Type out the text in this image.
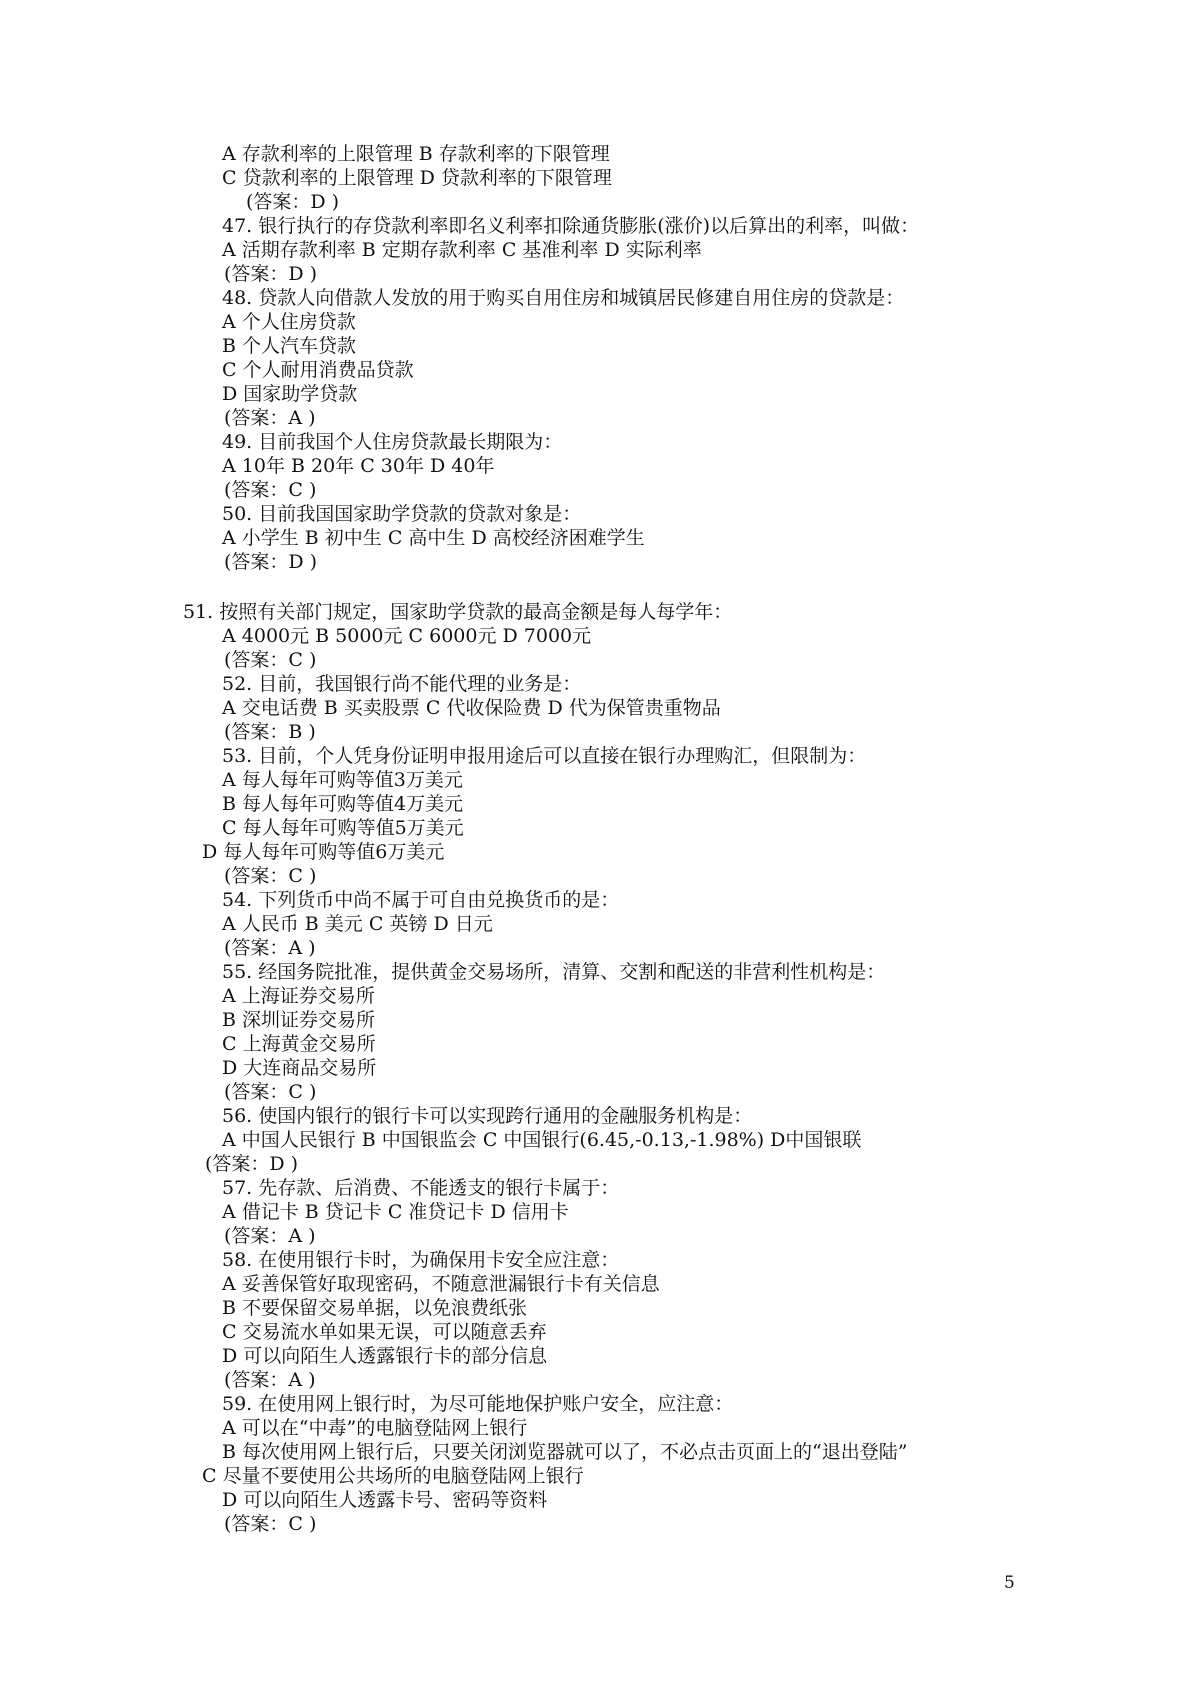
A 存款利率的上限管理 B 存款利率的下限管理
C 贷款利率的上限管理 D 贷款利率的下限管理
(答案：D )
47. 银行执行的存贷款利率即名义利率扣除通货膨胀(涨价)以后算出的利率，叫做：
A 活期存款利率 B 定期存款利率 C 基准利率 D 实际利率
(答案：D )
48. 贷款人向借款人发放的用于购买自用住房和城镇居民修建自用住房的贷款是：
A 个人住房贷款
B 个人汽车贷款
C 个人耐用消费品贷款
D 国家助学贷款
(答案：A )
49. 目前我国个人住房贷款最长期限为：
A 10年 B 20年 C 30年 D 40年
(答案：C )
50. 目前我国国家助学贷款的贷款对象是：
A 小学生 B 初中生 C 高中生 D 高校经济困难学生
(答案：D )
51. 按照有关部门规定，国家助学贷款的最高金额是每人每学年：
A 4000元 B 5000元 C 6000元 D 7000元
(答案：C )
52. 目前，我国银行尚不能代理的业务是：
A 交电话费 B 买卖股票 C 代收保险费 D 代为保管贵重物品
(答案：B )
53. 目前，个人凭身份证明申报用途后可以直接在银行办理购汇，但限制为：
A 每人每年可购等值3万美元
B 每人每年可购等值4万美元
C 每人每年可购等值5万美元
D 每人每年可购等值6万美元
(答案：C )
54. 下列货币中尚不属于可自由兑换货币的是：
A 人民币 B 美元 C 英镑 D 日元
(答案：A )
55. 经国务院批准，提供黄金交易场所，清算、交割和配送的非营利性机构是：
A 上海证券交易所
B 深圳证券交易所
C 上海黄金交易所
D 大连商品交易所
(答案：C )
56. 使国内银行的银行卡可以实现跨行通用的金融服务机构是：
A 中国人民银行 B 中国银监会 C 中国银行(6.45,-0.13,-1.98%) D中国银联
(答案：D )
57. 先存款、后消费、不能透支的银行卡属于：
A 借记卡 B 贷记卡 C 准贷记卡 D 信用卡
(答案：A )
58. 在使用银行卡时，为确保用卡安全应注意：
A 妥善保管好取现密码，不随意泄漏银行卡有关信息
B 不要保留交易单据，以免浪费纸张
C 交易流水单如果无误，可以随意丢弃
D 可以向陌生人透露银行卡的部分信息
(答案：A )
59. 在使用网上银行时，为尽可能地保护账户安全，应注意：
A 可以在“中毒”的电脑登陆网上银行
B 每次使用网上银行后，只要关闭浏览器就可以了，不必点击页面上的“退出登陆”
C 尽量不要使用公共场所的电脑登陆网上银行
D 可以向陌生人透露卡号、密码等资料
(答案：C )
5
